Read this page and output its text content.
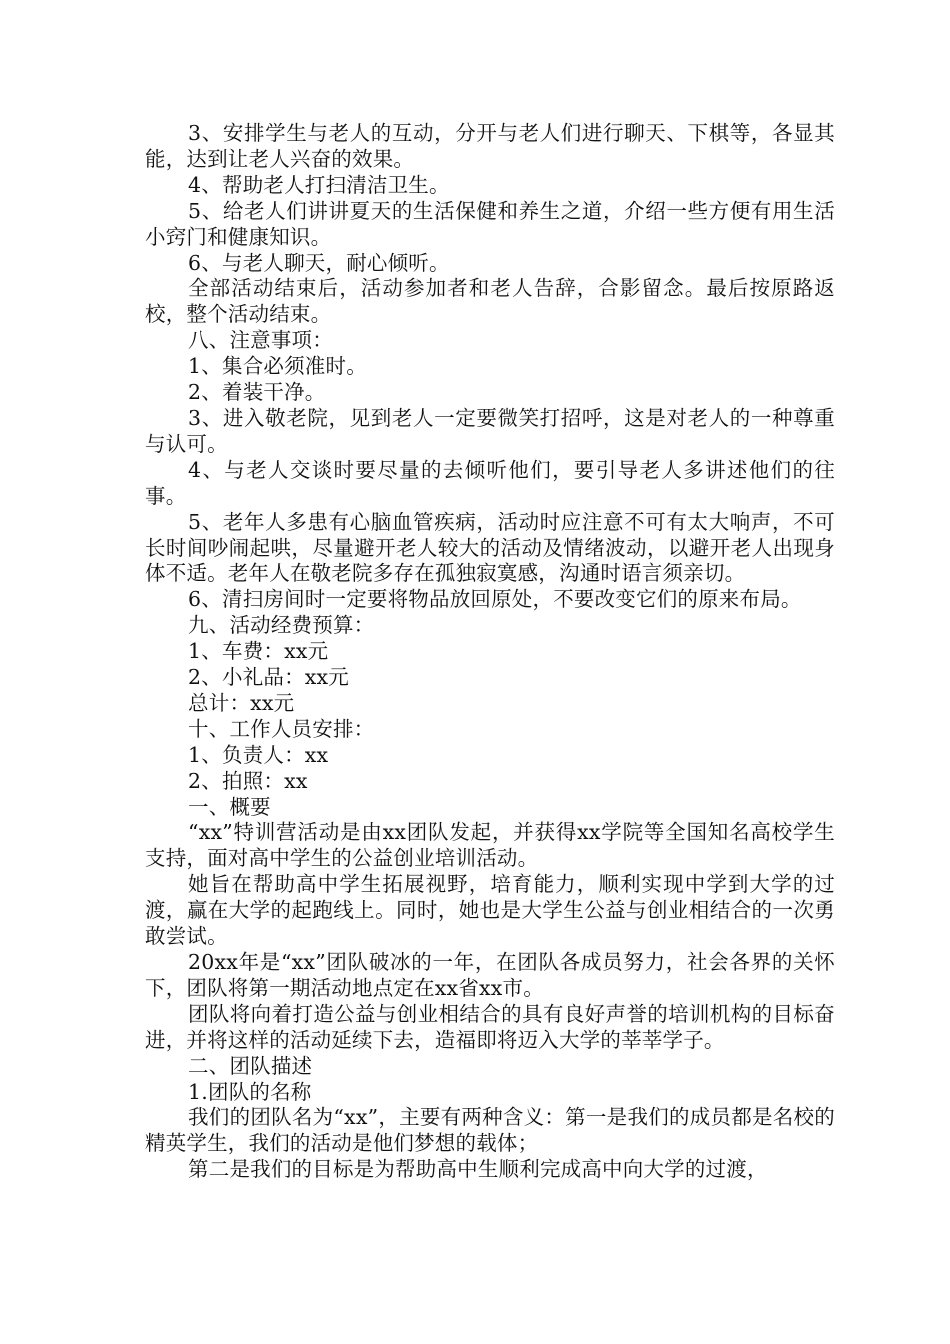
3、安排学生与老人的互动，分开与老人们进行聊天、下棋等，各显其能，达到让老人兴奋的效果。

4、帮助老人打扫清洁卫生。

5、给老人们讲讲夏天的生活保健和养生之道，介绍一些方便有用生活小窍门和健康知识。

6、与老人聊天，耐心倾听。

全部活动结束后，活动参加者和老人告辞，合影留念。最后按原路返校，整个活动结束。

八、注意事项：

1、集合必须准时。

2、着装干净。

3、进入敬老院，见到老人一定要微笑打招呼，这是对老人的一种尊重与认可。

4、与老人交谈时要尽量的去倾听他们，要引导老人多讲述他们的往事。

5、老年人多患有心脑血管疾病，活动时应注意不可有太大响声，不可长时间吵闹起哄，尽量避开老人较大的活动及情绪波动，以避开老人出现身体不适。老年人在敬老院多存在孤独寂寞感，沟通时语言须亲切。

6、清扫房间时一定要将物品放回原处，不要改变它们的原来布局。

九、活动经费预算：

1、车费：xx元

2、小礼品：xx元

总计：xx元

十、工作人员安排：

1、负责人：xx

2、拍照：xx

一、概要

“xx”特训营活动是由xx团队发起，并获得xx学院等全国知名高校学生支持，面对高中学生的公益创业培训活动。

她旨在帮助高中学生拓展视野，培育能力，顺利实现中学到大学的过渡，赢在大学的起跑线上。同时，她也是大学生公益与创业相结合的一次勇敢尝试。

20xx年是“xx”团队破冰的一年，在团队各成员努力，社会各界的关怀下，团队将第一期活动地点定在xx省xx市。

团队将向着打造公益与创业相结合的具有良好声誉的培训机构的目标奋进，并将这样的活动延续下去，造福即将迈入大学的莘莘学子。

二、团队描述

1.团队的名称

我们的团队名为“xx”，主要有两种含义：第一是我们的成员都是名校的精英学生，我们的活动是他们梦想的载体；

第二是我们的目标是为帮助高中生顺利完成高中向大学的过渡，
